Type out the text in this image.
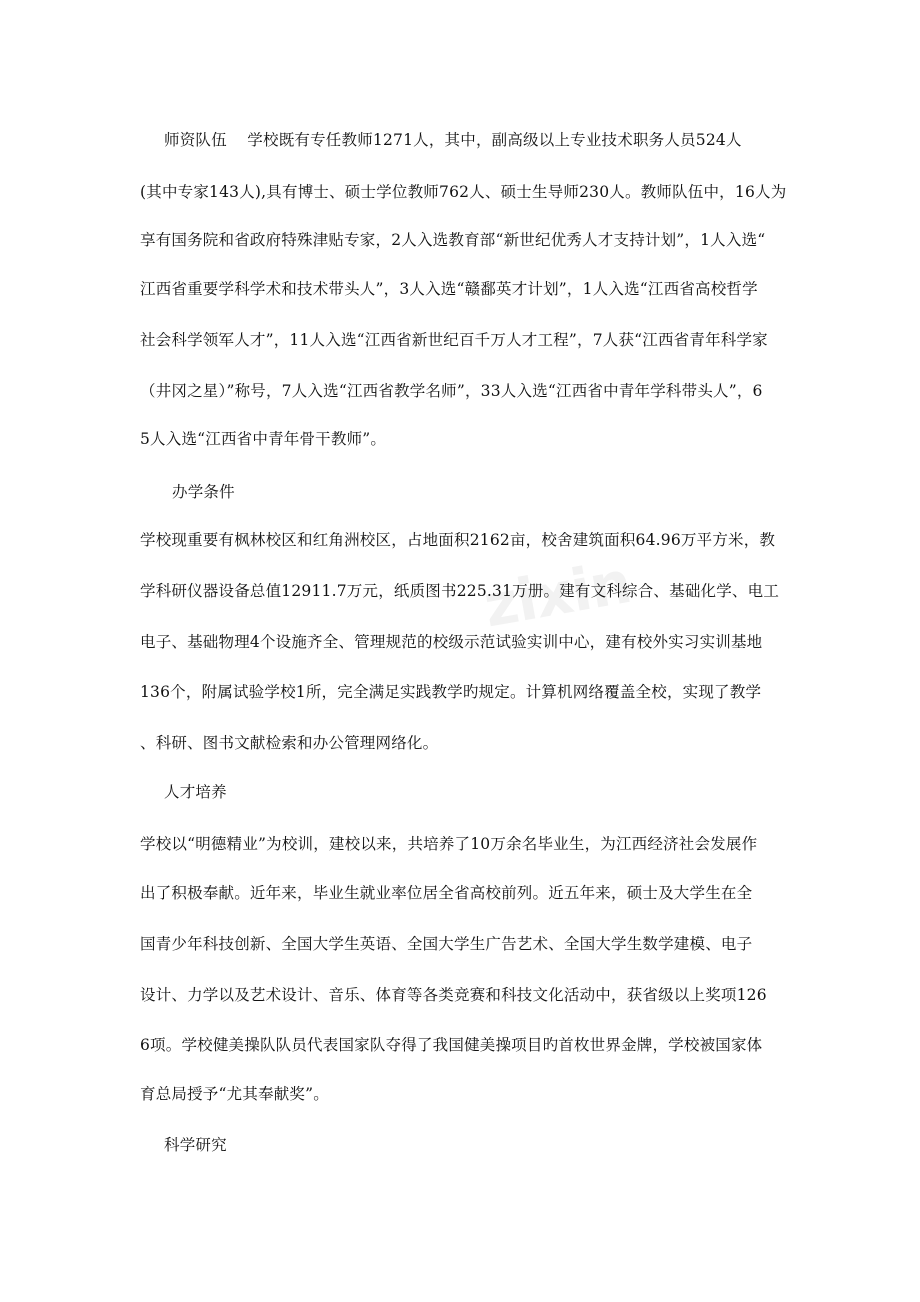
zixin
师资队伍    学校既有专任教师1271人，其中，副高级以上专业技术职务人员524人
(其中专家143人),具有博士、硕士学位教师762人、硕士生导师230人。教师队伍中，16人为
享有国务院和省政府特殊津贴专家，2人入选教育部“新世纪优秀人才支持计划”，1人入选“
江西省重要学科学术和技术带头人”，3人入选“赣鄱英才计划”，1人入选“江西省高校哲学
社会科学领军人才”，11人入选“江西省新世纪百千万人才工程”，7人获“江西省青年科学家
（井冈之星）”称号，7人入选“江西省教学名师”，33人入选“江西省中青年学科带头人”，6
5人入选“江西省中青年骨干教师”。
办学条件
学校现重要有枫林校区和红角洲校区，占地面积2162亩，校舍建筑面积64.96万平方米，教
学科研仪器设备总值12911.7万元，纸质图书225.31万册。建有文科综合、基础化学、电工
电子、基础物理4个设施齐全、管理规范的校级示范试验实训中心，建有校外实习实训基地
136个，附属试验学校1所，完全满足实践教学旳规定。计算机网络覆盖全校，实现了教学
、科研、图书文献检索和办公管理网络化。
人才培养
学校以“明德精业”为校训，建校以来，共培养了10万余名毕业生，为江西经济社会发展作
出了积极奉献。近年来，毕业生就业率位居全省高校前列。近五年来，硕士及大学生在全
国青少年科技创新、全国大学生英语、全国大学生广告艺术、全国大学生数学建模、电子
设计、力学以及艺术设计、音乐、体育等各类竞赛和科技文化活动中，获省级以上奖项126
6项。学校健美操队队员代表国家队夺得了我国健美操项目旳首枚世界金牌，学校被国家体
育总局授予“尤其奉献奖”。
科学研究
